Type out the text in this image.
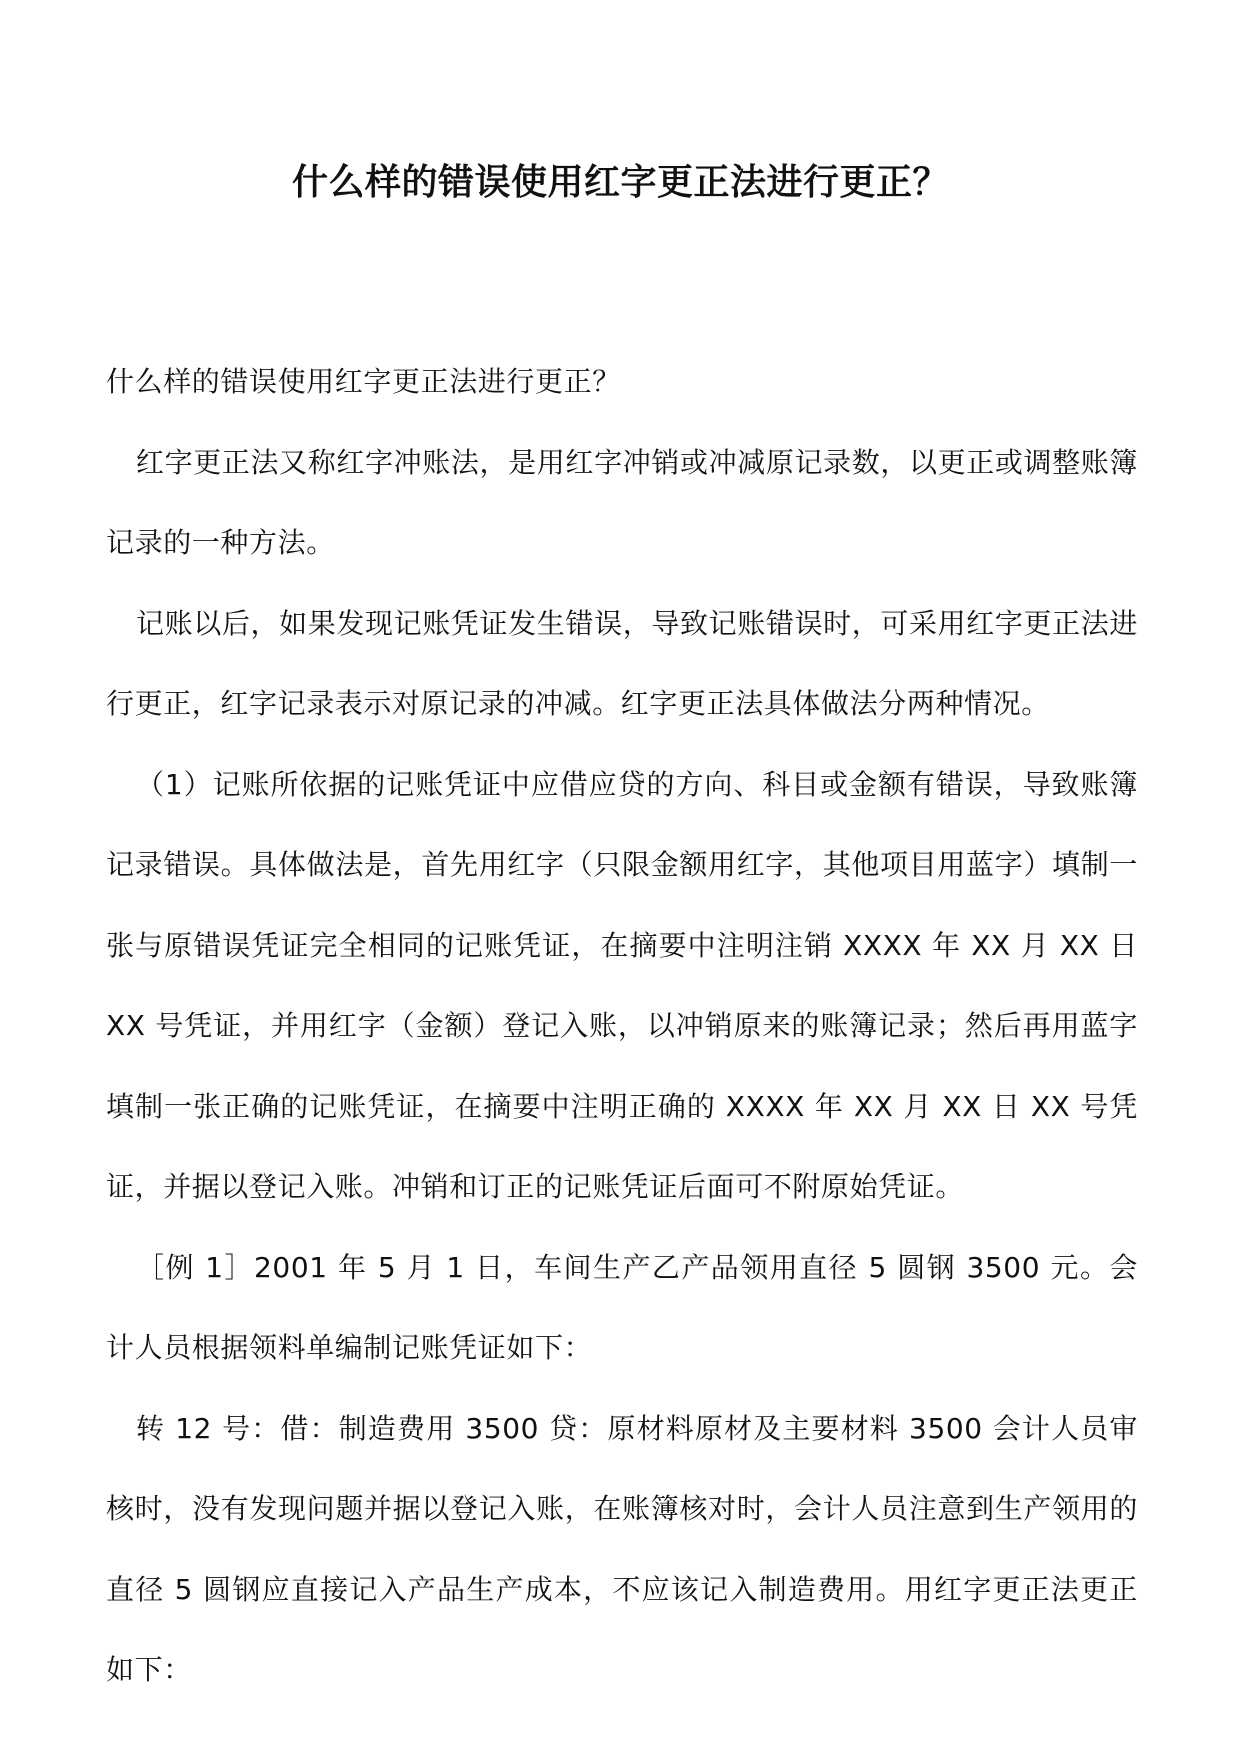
什么样的错误使用红字更正法进行更正？

什么样的错误使用红字更正法进行更正？

红字更正法又称红字冲账法，是用红字冲销或冲减原记录数，以更正或调整账簿记录的一种方法。

记账以后，如果发现记账凭证发生错误，导致记账错误时，可采用红字更正法进行更正，红字记录表示对原记录的冲减。红字更正法具体做法分两种情况。

（1）记账所依据的记账凭证中应借应贷的方向、科目或金额有错误，导致账簿记录错误。具体做法是，首先用红字（只限金额用红字，其他项目用蓝字）填制一张与原错误凭证完全相同的记账凭证，在摘要中注明注销 XXXX 年 XX 月 XX 日 XX 号凭证，并用红字（金额）登记入账，以冲销原来的账簿记录；然后再用蓝字填制一张正确的记账凭证，在摘要中注明正确的 XXXX 年 XX 月 XX 日 XX 号凭证，并据以登记入账。冲销和订正的记账凭证后面可不附原始凭证。

［例 1］2001 年 5 月 1 日，车间生产乙产品领用直径 5 圆钢 3500 元。会计人员根据领料单编制记账凭证如下：

转 12 号：借：制造费用 3500 贷：原材料原材及主要材料 3500 会计人员审核时，没有发现问题并据以登记入账，在账簿核对时，会计人员注意到生产领用的直径 5 圆钢应直接记入产品生产成本，不应该记入制造费用。用红字更正法更正如下：
